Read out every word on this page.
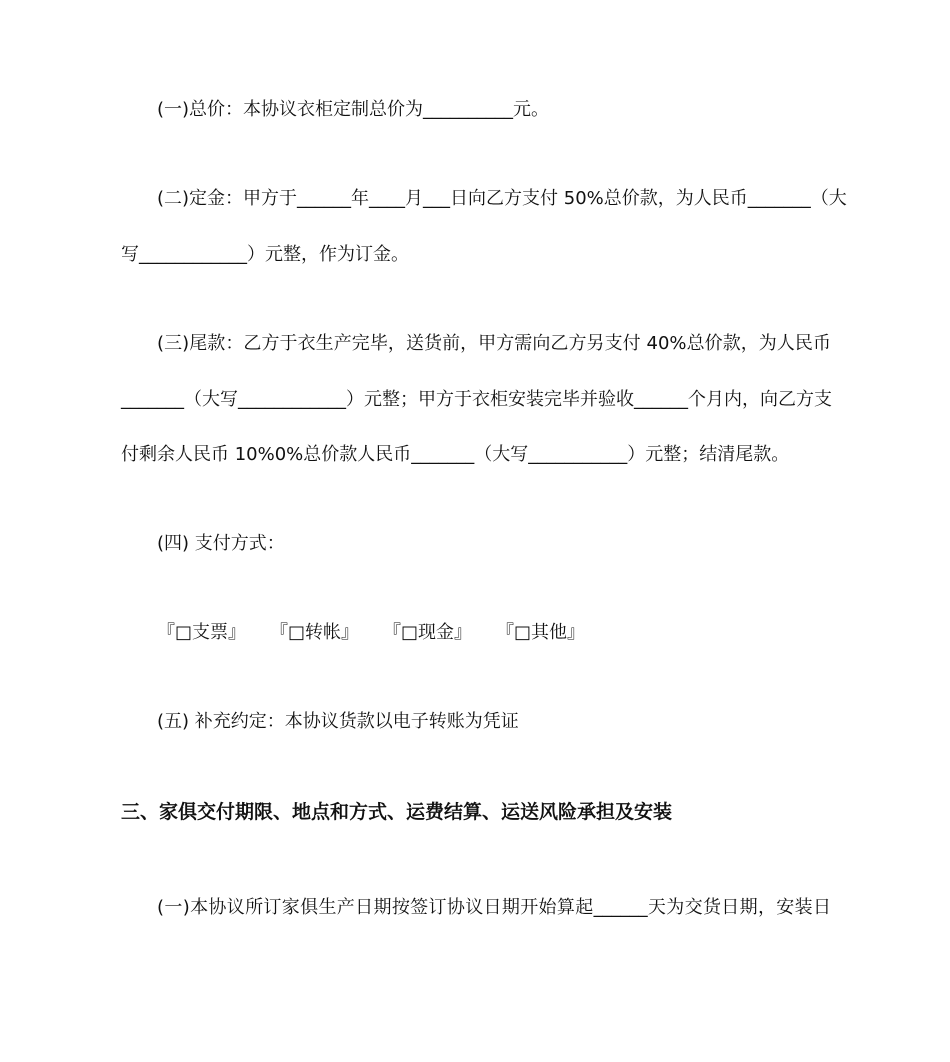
(一)总价：本协议衣柜定制总价为__________元。
(二)定金：甲方于______年____月___日向乙方支付 50%总价款，为人民币_______（大
写____________）元整，作为订金。
(三)尾款：乙方于衣生产完毕，送货前，甲方需向乙方另支付 40%总价款，为人民币
_______（大写____________）元整；甲方于衣柜安装完毕并验收______个月内，向乙方支
付剩余人民币 10%0%总价款人民币_______（大写___________）元整；结清尾款。
(四) 支付方式：
『□支票』 『□转帐』 『□现金』 『□其他』
(五) 补充约定：本协议货款以电子转账为凭证
三、家俱交付期限、地点和方式、运费结算、运送风险承担及安装
(一)本协议所订家俱生产日期按签订协议日期开始算起______天为交货日期，安装日
